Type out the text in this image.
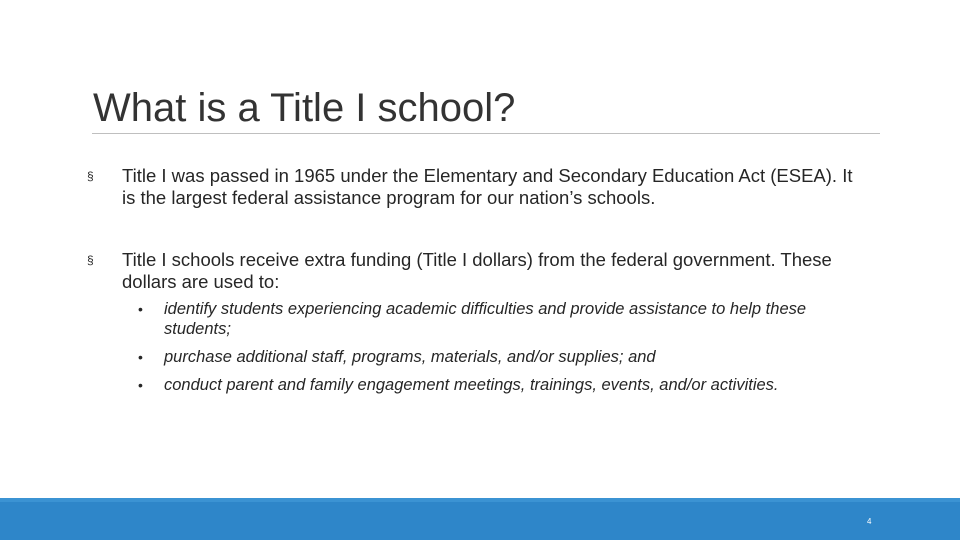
What is a Title I school?
§ Title I was passed in 1965 under the Elementary and Secondary Education Act (ESEA). It is the largest federal assistance program for our nation’s schools.

§ Title I schools receive extra funding (Title I dollars) from the federal government. These dollars are used to:

• identify students experiencing academic difficulties and provide assistance to help these students;
• purchase additional staff, programs, materials, and/or supplies; and
• conduct parent and family engagement meetings, trainings, events, and/or activities.
4
